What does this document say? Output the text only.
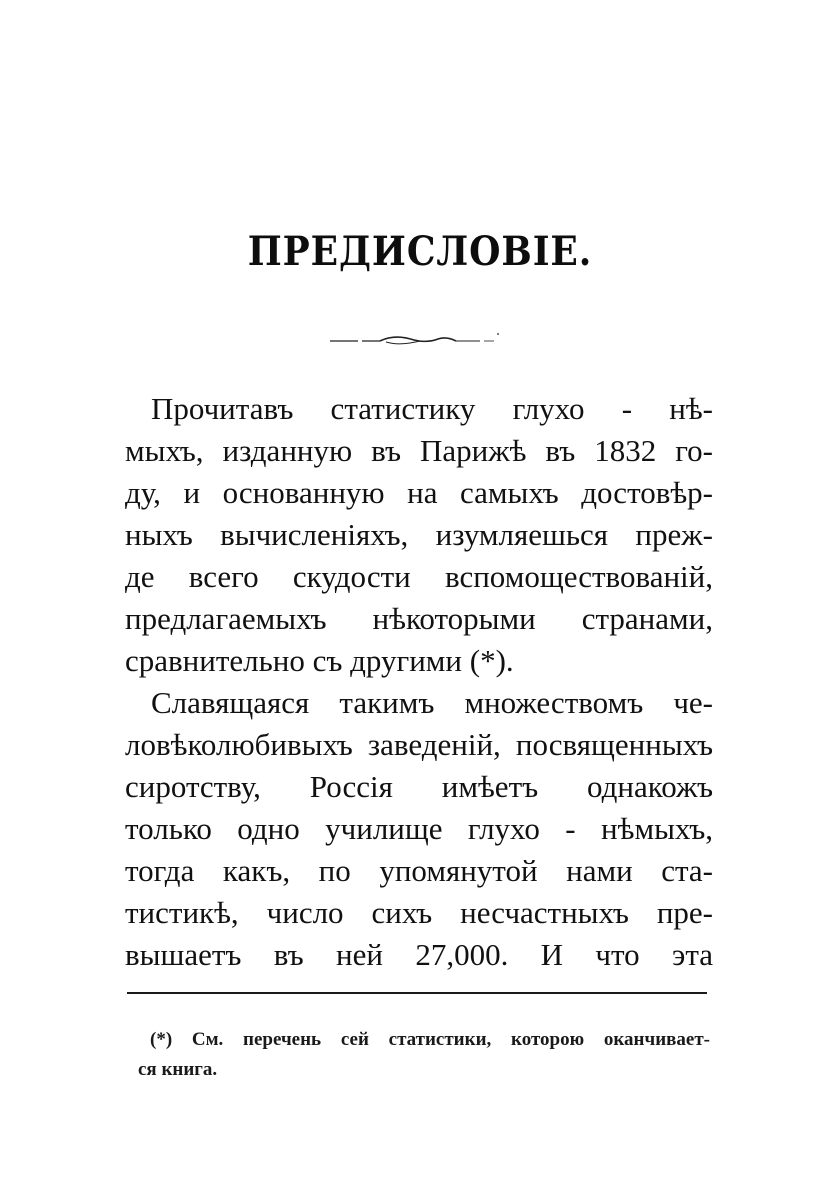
ПРЕДИСЛОВІЕ.
Прочитавъ статистику глухо - нѣ-
мыхъ, изданную въ Парижѣ въ 1832 го-
ду, и основанную на самыхъ достовѣр-
ныхъ вычисленіяхъ, изумляешься преж-
де всего скудости вспомоществованій,
предлагаемыхъ нѣкоторыми странами,
сравнительно съ другими (*).
Славящаяся такимъ множествомъ че-
ловѣколюбивыхъ заведеній, посвященныхъ
сиротству, Россія имѣетъ однакожъ
только одно училище глухо - нѣмыхъ,
тогда какъ, по упомянутой нами ста-
тистикѣ, число сихъ несчастныхъ пре-
вышаетъ въ ней 27,000. И что эта
(*) См. перечень сей статистики, которою оканчивает-
ся книга.
